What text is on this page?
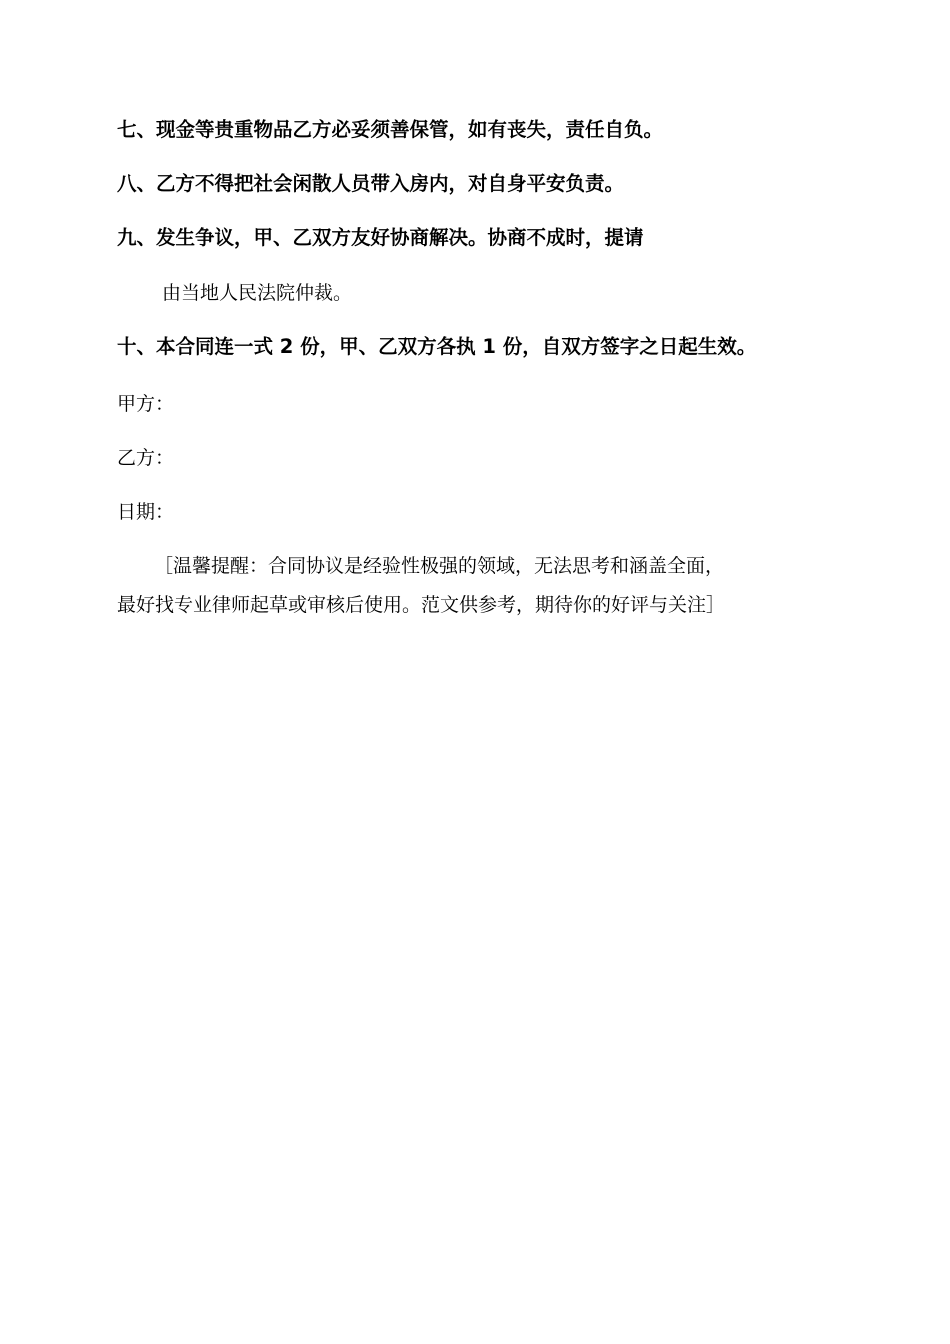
七、现金等贵重物品乙方必妥须善保管，如有丧失，责任自负。
八、乙方不得把社会闲散人员带入房内，对自身平安负责。
九、发生争议，甲、乙双方友好协商解决。协商不成时，提请
由当地人民法院仲裁。
十、本合同连一式 2 份，甲、乙双方各执 1 份，自双方签字之日起生效。
甲方：
乙方：
日期：
［温馨提醒：合同协议是经验性极强的领域，无法思考和涵盖全面，
最好找专业律师起草或审核后使用。范文供参考，期待你的好评与关注］
